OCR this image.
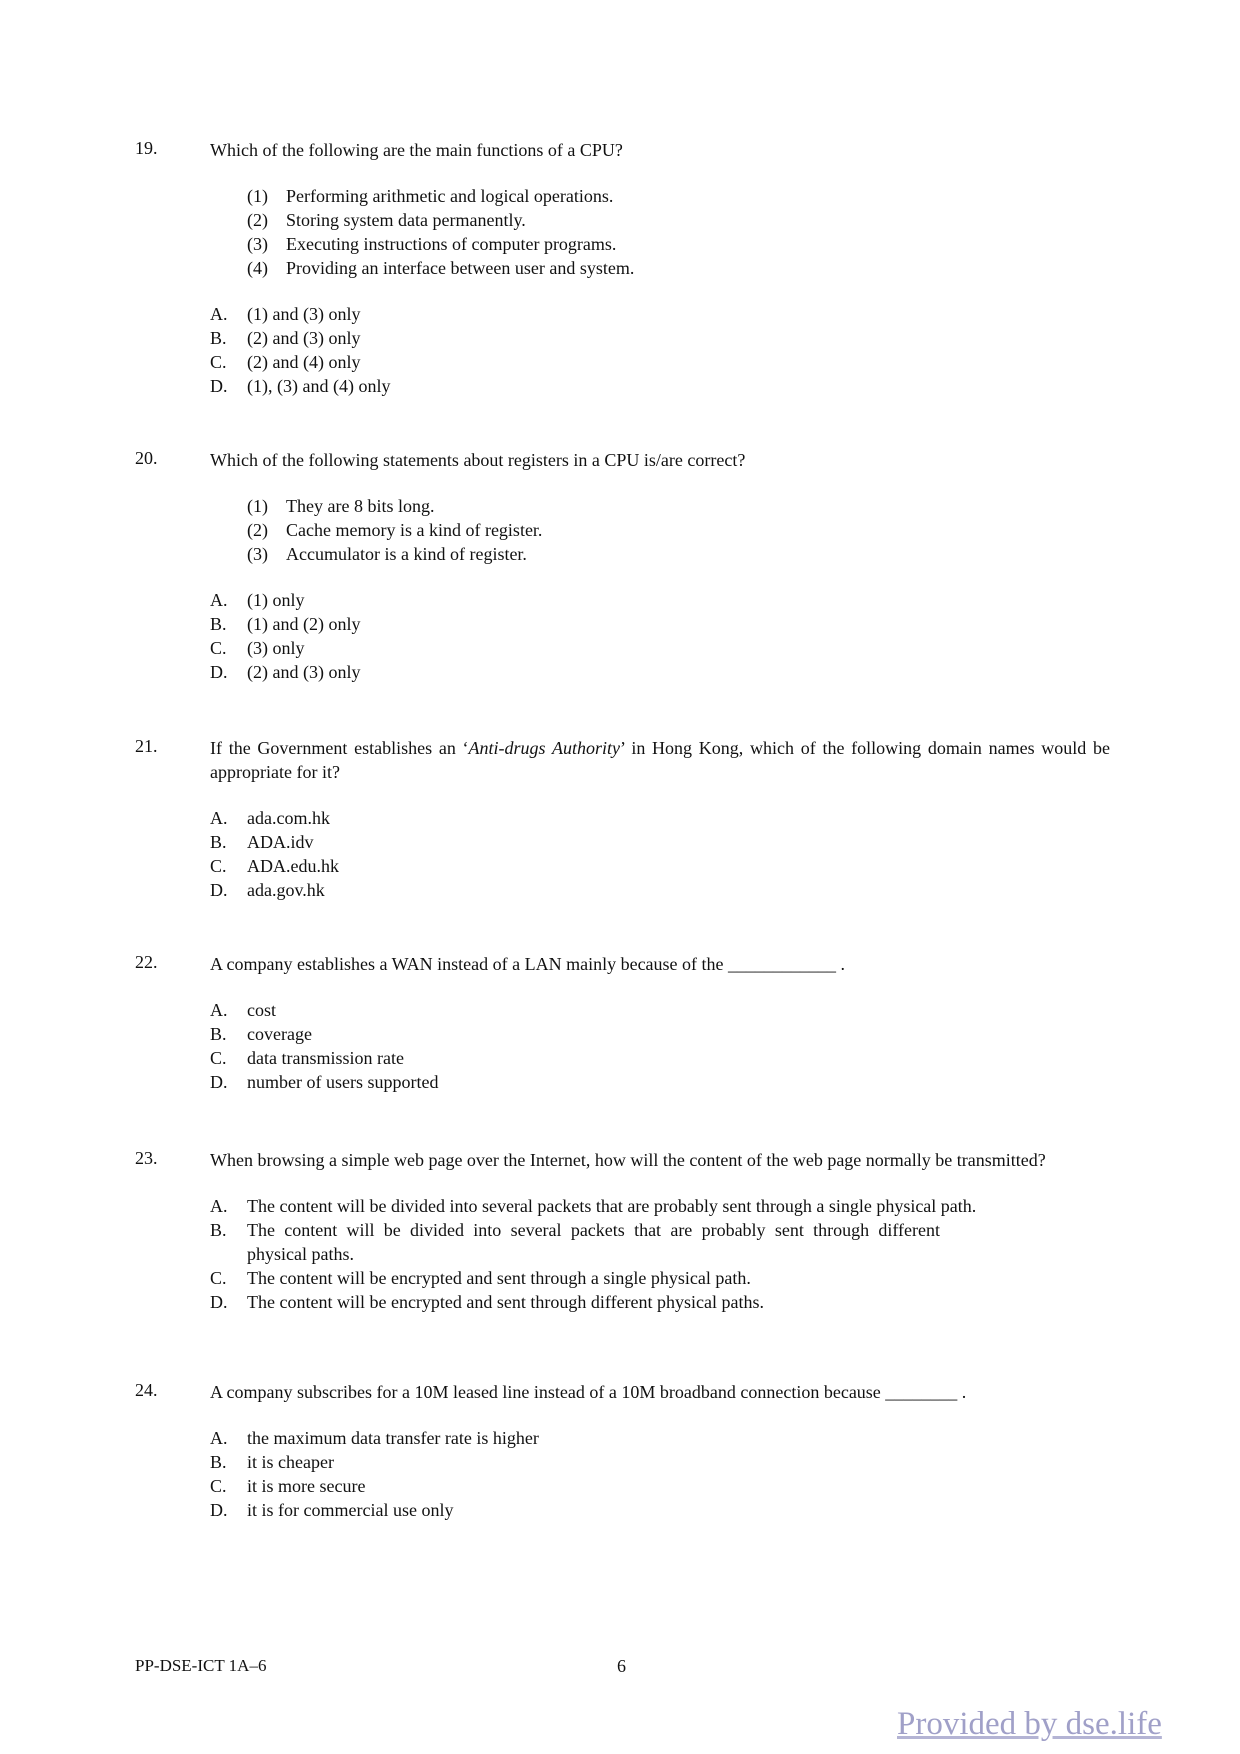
19.	Which of the following are the main functions of a CPU?
(1)	Performing arithmetic and logical operations.
(2)	Storing system data permanently.
(3)	Executing instructions of computer programs.
(4)	Providing an interface between user and system.
A.	(1) and (3) only
B.	(2) and (3) only
C.	(2) and (4) only
D.	(1), (3) and (4) only
20.	Which of the following statements about registers in a CPU is/are correct?
(1)	They are 8 bits long.
(2)	Cache memory is a kind of register.
(3)	Accumulator is a kind of register.
A.	(1) only
B.	(1) and (2) only
C.	(3) only
D.	(2) and (3) only
21.	If the Government establishes an ‘Anti-drugs Authority’ in Hong Kong, which of the following domain names would be appropriate for it?
A.	ada.com.hk
B.	ADA.idv
C.	ADA.edu.hk
D.	ada.gov.hk
22.	A company establishes a WAN instead of a LAN mainly because of the ____________ .
A.	cost
B.	coverage
C.	data transmission rate
D.	number of users supported
23.	When browsing a simple web page over the Internet, how will the content of the web page normally be transmitted?
A.	The content will be divided into several packets that are probably sent through a single physical path.
B.	The content will be divided into several packets that are probably sent through different physical paths.
C.	The content will be encrypted and sent through a single physical path.
D.	The content will be encrypted and sent through different physical paths.
24.	A company subscribes for a 10M leased line instead of a 10M broadband connection because ________ .
A.	the maximum data transfer rate is higher
B.	it is cheaper
C.	it is more secure
D.	it is for commercial use only
PP-DSE-ICT 1A–6	6
Provided by dse.life
